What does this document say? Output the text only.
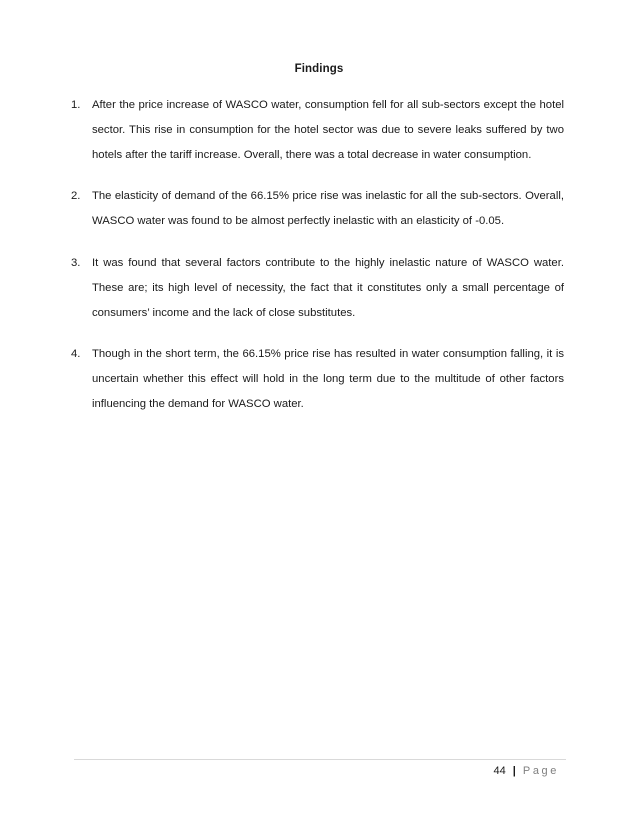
Findings
1. After the price increase of WASCO water, consumption fell for all sub-sectors except the hotel sector. This rise in consumption for the hotel sector was due to severe leaks suffered by two hotels after the tariff increase. Overall, there was a total decrease in water consumption.
2. The elasticity of demand of the 66.15% price rise was inelastic for all the sub-sectors. Overall, WASCO water was found to be almost perfectly inelastic with an elasticity of -0.05.
3. It was found that several factors contribute to the highly inelastic nature of WASCO water. These are; its high level of necessity, the fact that it constitutes only a small percentage of consumers’ income and the lack of close substitutes.
4. Though in the short term, the 66.15% price rise has resulted in water consumption falling, it is uncertain whether this effect will hold in the long term due to the multitude of other factors influencing the demand for WASCO water.
44 | Page
